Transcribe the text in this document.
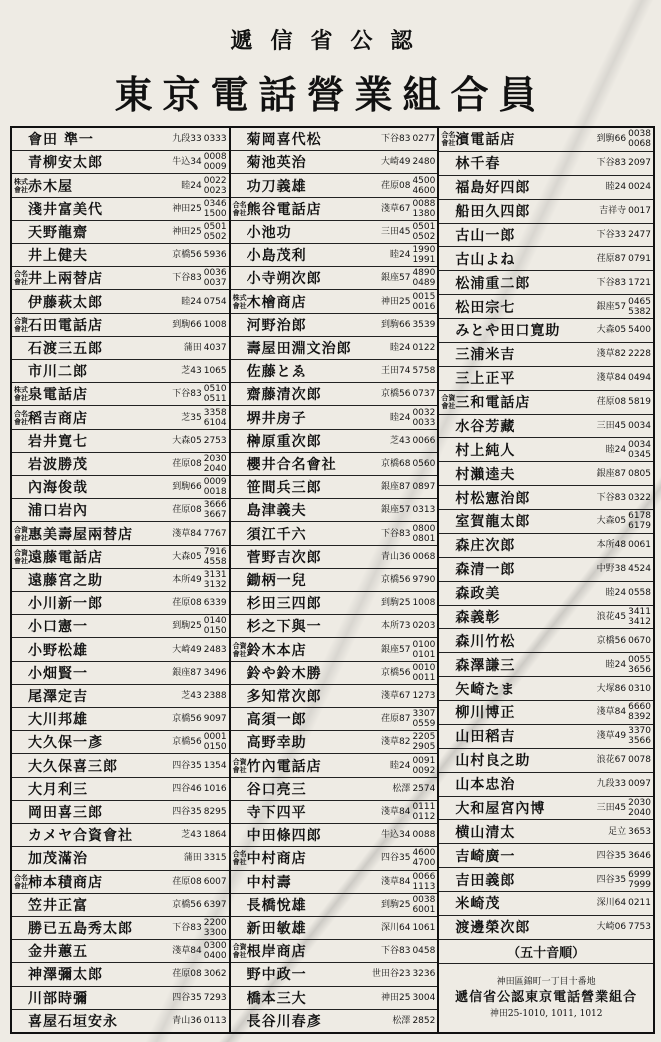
遞信省公認
東京電話營業組合員
會田 準一	九段33 0333
青柳安太郎	牛込34 0008
0009
株式會社 赤木屋	睦24 0022
0023
淺井富美代	神田25 0346
1500
天野龍齋	神田25 0501
0502
井上健夫	京橋56 5936
合名會社 井上兩替店	下谷83 0036
0037
伊藤萩太郎	睦24 0754
合資會社 石田電話店	到駒66 1008
石渡三五郎	蒲田 4037
市川二郎	芝43 1065
株式會社 泉電話店	下谷83 0510
0511
合名會社 稻吉商店	芝35 3358
6104
岩井寛七	大森05 2753
岩波勝茂	荏原08 2030
2040
內海俊哉	到駒66 0009
0018
浦口岩內	荏原08 3666
3667
合資會社 惠美壽屋兩替店	淺草84 7767
合資會社 遠藤電話店	大森05 7916
4558
遠藤宮之助	本所49 3131
3132
小川新一郎	荏原08 6339
小口憲一	到駒25 0140
0150
小野松雄	大崎49 2483
小畑賢一	銀座87 3496
尾澤定吉	芝43 2388
大川邦雄	京橋56 9097
大久保一彥	京橋56 0001
0150
大久保喜三郎	四谷35 1354
大月利三	四谷46 1016
岡田喜三郎	四谷35 8295
カメヤ合資會社	芝43 1864
加茂滿治	蒲田 3315
合名會社 柿本積商店	荏原08 6007
笠井正富	京橋56 6397
勝已五島秀太郎	下谷83 2200
3300
金井蕙五	淺草84 0300
0400
神澤彌太郎	荏原08 3062
川部時彌	四谷35 7293
喜屋石垣安永	青山36 0113
菊岡喜代松	下谷83 0277
菊池英治	大崎49 2480
功刀義雄	荏原08 4500
4600
合名會社 熊谷電話店	淺草67 0088
1380
小池功	三田45 0501
0502
小島茂利	睦24 1990
1991
小寺朔次郎	銀座57 4890
0489
株式會社 木檜商店	神田25 0015
0016
河野治郎	到駒66 3539
壽屋田淵文治郎	睦24 0122
佐藤とゑ	王田74 5758
齋藤清次郎	京橋56 0737
堺井房子	睦24 0032
0033
榊原重次郎	芝43 0066
櫻井合名會社	京橋68 0560
笹間兵三郎	銀座87 0897
島津義夫	銀座57 0313
須江千六	下谷83 0800
0801
菅野吉次郎	青山36 0068
鋤柄一兒	京橋56 9790
杉田三四郎	到駒25 1008
杉之下與一	本所73 0203
合資會社 鈴木本店	銀座57 0100
0101
鈴や鈴木勝	京橋56 0010
0011
多知常次郎	淺草67 1273
高須一郎	荏原87 3307
0559
高野幸助	淺草82 2205
2905
合資會社 竹內電話店	睦24 0091
0092
谷口亮三	松澤 2574
寺下四平	淺草84 0111
0112
中田條四郎	牛込34 0088
合名會社 中村商店	四谷35 4600
4700
中村壽	淺草84 0066
1113
長橋悅雄	到駒25 0038
6001
新田敏雄	深川64 1061
合資會社 根岸商店	下谷83 0458
野中政一	世田谷23 3236
橋本三大	神田25 3004
長谷川春彥	松澤 2852
合名會社 濱電話店	到駒66 0038
0068
林千春	下谷83 2097
福島好四郎	睦24 0024
船田久四郎	吉祥寺 0017
古山一郎	下谷33 2477
古山よね	荏原87 0791
松浦重二郎	下谷83 1721
松田宗七	銀座57 0465
5382
みとや田口寛助	大森05 5400
三浦米吉	淺草82 2228
三上正平	淺草84 0494
合資會社 三和電話店	荏原08 5819
水谷芳藏	三田45 0034
村上純人	睦24 0034
0345
村瀨逵夫	銀座87 0805
村松憲治郎	下谷83 0322
室賀龍太郎	大森05 6178
6179
森庄次郎	本所48 0061
森清一郎	中野38 4524
森政美	睦24 0558
森義彰	浪花45 3411
3412
森川竹松	京橋56 0670
森澤謙三	睦24 0055
3656
矢崎たま	大塚86 0310
柳川博正	淺草84 6660
8392
山田稻吉	淺草49 3370
3566
山村良之助	浪花67 0078
山本忠治	九段33 0097
大和屋宮內博	三田45 2030
2040
横山清太	足立 3653
吉崎廣一	四谷35 3646
吉田義郎	四谷35 6999
7999
米崎茂	深川64 0211
渡邊榮次郎	大崎06 7753
（五十音順）
神田區錦町一丁目十番地
遞信省公認東京電話營業組合
神田25-1010, 1011, 1012
